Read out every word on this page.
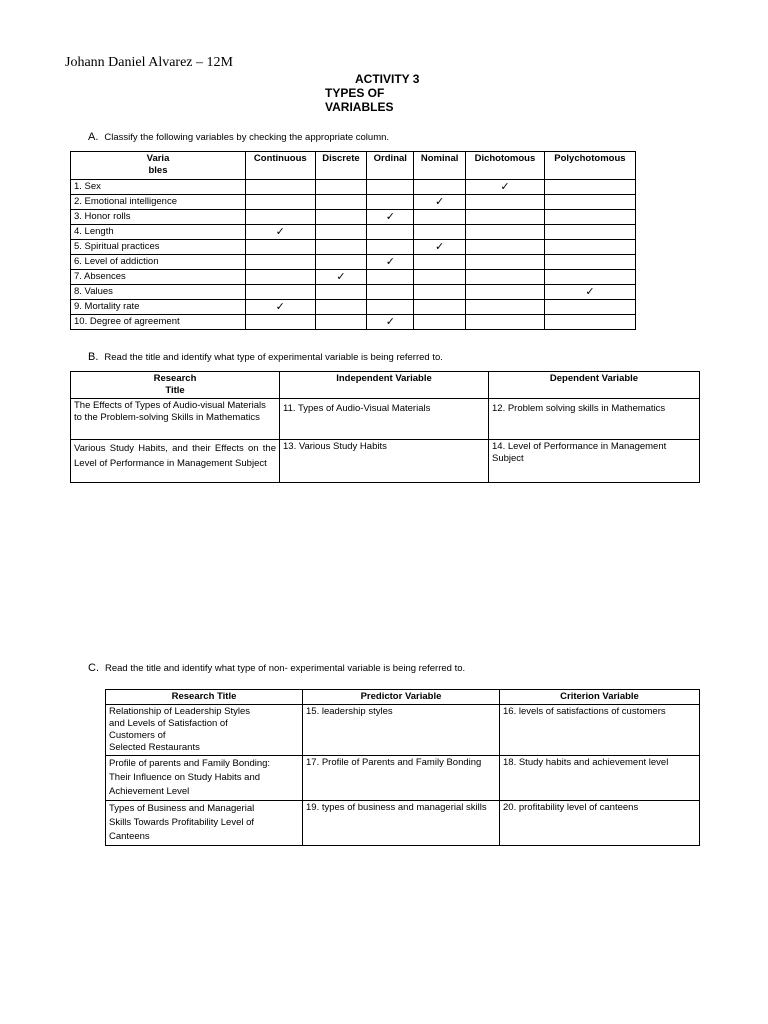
Johann Daniel Alvarez – 12M
ACTIVITY 3
TYPES OF
VARIABLES
A. Classify the following variables by checking the appropriate column.
Varia
bles	Continuous	Discrete	Ordinal	Nominal	Dichotomous	Polychotomous
1. Sex					✓	
2. Emotional intelligence				✓		
3. Honor rolls			✓			
4. Length	✓					
5. Spiritual practices				✓		
6. Level of addiction			✓			
7. Absences		✓				
8. Values						✓
9. Mortality rate	✓					
10. Degree of agreement			✓			
B. Read the title and identify what type of experimental variable is being referred to.
Research
Title	Independent Variable	Dependent Variable
The Effects of Types of Audio-visual Materials to the Problem-solving Skills in Mathematics	11. Types of Audio-Visual Materials	12. Problem solving skills in Mathematics
Various Study Habits, and their Effects on the Level of Performance in Management Subject	13. Various Study Habits	14. Level of Performance in Management Subject
C. Read the title and identify what type of non- experimental variable is being referred to.
Research Title	Predictor Variable	Criterion Variable
Relationship of Leadership Styles
and Levels of Satisfaction of
Customers of
Selected Restaurants	15. leadership styles	16. levels of satisfactions of customers
Profile of parents and Family Bonding:
Their Influence on Study Habits and
Achievement Level	17. Profile of Parents and Family Bonding	18. Study habits and achievement level
Types of Business and Managerial
Skills Towards Profitability Level of
Canteens	19. types of business and managerial skills	20. profitability level of canteens
